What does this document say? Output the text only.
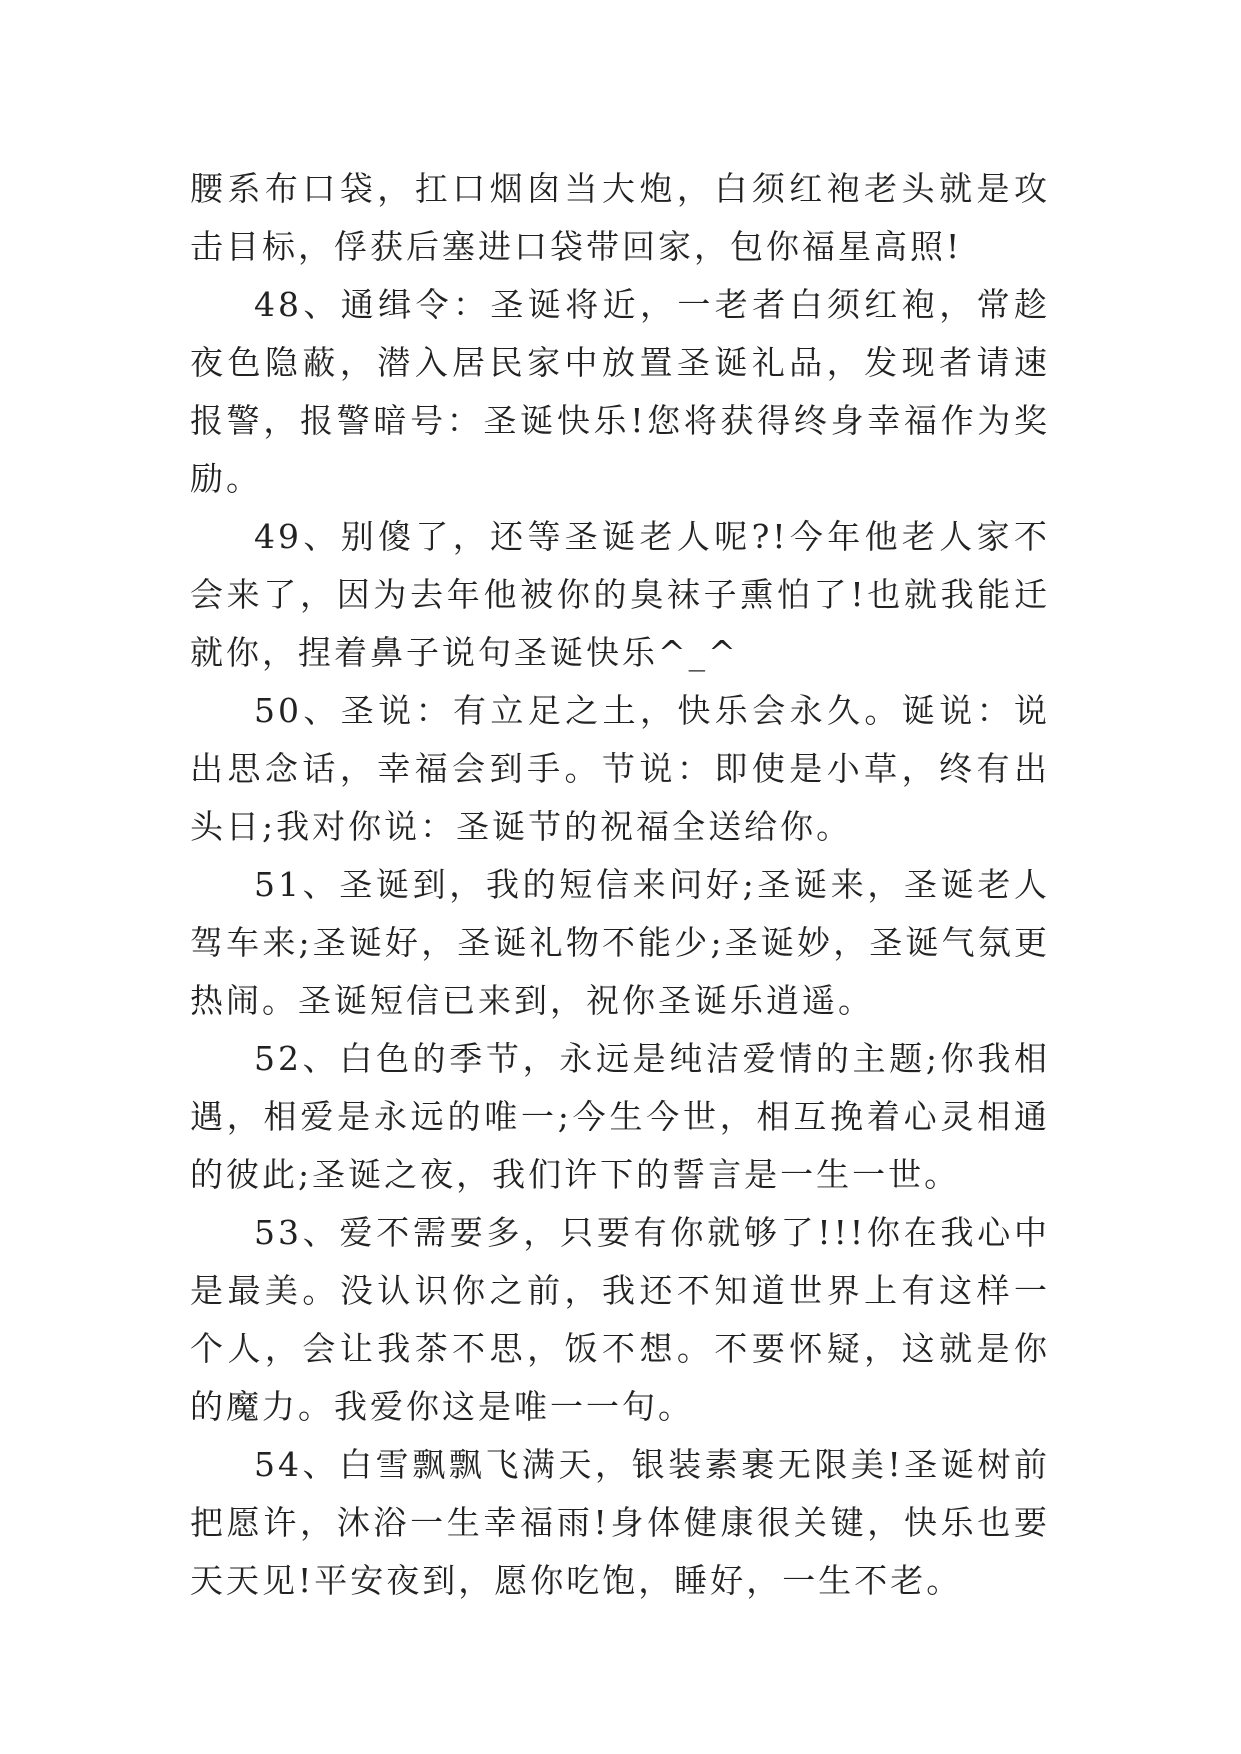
腰系布口袋，扛口烟囱当大炮，白须红袍老头就是攻击目标，俘获后塞进口袋带回家，包你福星高照!

48、通缉令：圣诞将近，一老者白须红袍，常趁夜色隐蔽，潜入居民家中放置圣诞礼品，发现者请速报警，报警暗号：圣诞快乐!您将获得终身幸福作为奖励。

49、别傻了，还等圣诞老人呢?!今年他老人家不会来了，因为去年他被你的臭袜子熏怕了!也就我能迁就你，捏着鼻子说句圣诞快乐^_^

50、圣说：有立足之土，快乐会永久。诞说：说出思念话，幸福会到手。节说：即使是小草，终有出头日;我对你说：圣诞节的祝福全送给你。

51、圣诞到，我的短信来问好;圣诞来，圣诞老人驾车来;圣诞好，圣诞礼物不能少;圣诞妙，圣诞气氛更热闹。圣诞短信已来到，祝你圣诞乐逍遥。

52、白色的季节，永远是纯洁爱情的主题;你我相遇，相爱是永远的唯一;今生今世，相互挽着心灵相通的彼此;圣诞之夜，我们许下的誓言是一生一世。

53、爱不需要多，只要有你就够了!!!你在我心中是最美。没认识你之前，我还不知道世界上有这样一个人，会让我茶不思，饭不想。不要怀疑，这就是你的魔力。我爱你这是唯一一句。

54、白雪飘飘飞满天，银装素裹无限美!圣诞树前把愿许，沐浴一生幸福雨!身体健康很关键，快乐也要天天见!平安夜到，愿你吃饱，睡好，一生不老。
